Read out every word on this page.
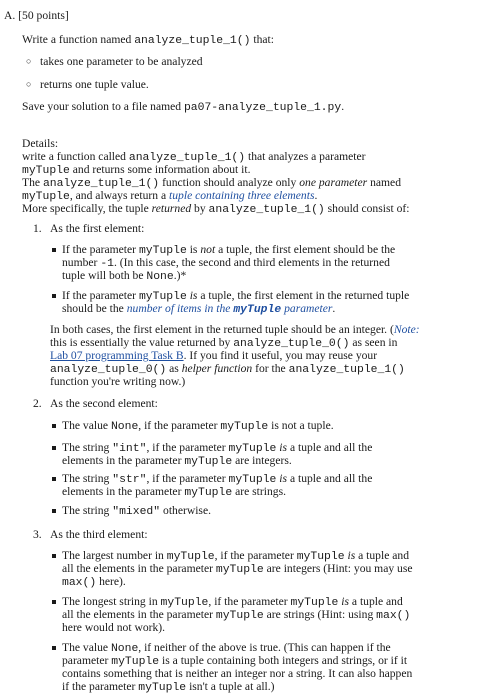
A. [50 points]
Write a function named analyze_tuple_1() that:
○ takes one parameter to be analyzed
○ returns one tuple value.
Save your solution to a file named pa07-analyze_tuple_1.py.
Details:
write a function called analyze_tuple_1() that analyzes a parameter
myTuple and returns some information about it.
The analyze_tuple_1() function should analyze only one parameter named
myTuple, and always return a tuple containing three elements.
More specifically, the tuple returned by analyze_tuple_1() should consist of:
1. As the first element:
If the parameter myTuple is not a tuple, the first element should be the
number -1. (In this case, the second and third elements in the returned
tuple will both be None.)*
If the parameter myTuple is a tuple, the first element in the returned tuple
should be the number of items in the myTuple parameter.
In both cases, the first element in the returned tuple should be an integer. (Note:
this is essentially the value returned by analyze_tuple_0() as seen in
Lab 07 programming Task B. If you find it useful, you may reuse your
analyze_tuple_0() as helper function for the analyze_tuple_1()
function you're writing now.)
2. As the second element:
The value None, if the parameter myTuple is not a tuple.
The string "int", if the parameter myTuple is a tuple and all the
elements in the parameter myTuple are integers.
The string "str", if the parameter myTuple is a tuple and all the
elements in the parameter myTuple are strings.
The string "mixed" otherwise.
3. As the third element:
The largest number in myTuple, if the parameter myTuple is a tuple and
all the elements in the parameter myTuple are integers (Hint: you may use
max() here).
The longest string in myTuple, if the parameter myTuple is a tuple and
all the elements in the parameter myTuple are strings (Hint: using max()
here would not work).
The value None, if neither of the above is true. (This can happen if the
parameter myTuple is a tuple containing both integers and strings, or if it
contains something that is neither an integer nor a string. It can also happen
if the parameter myTuple isn't a tuple at all.)
